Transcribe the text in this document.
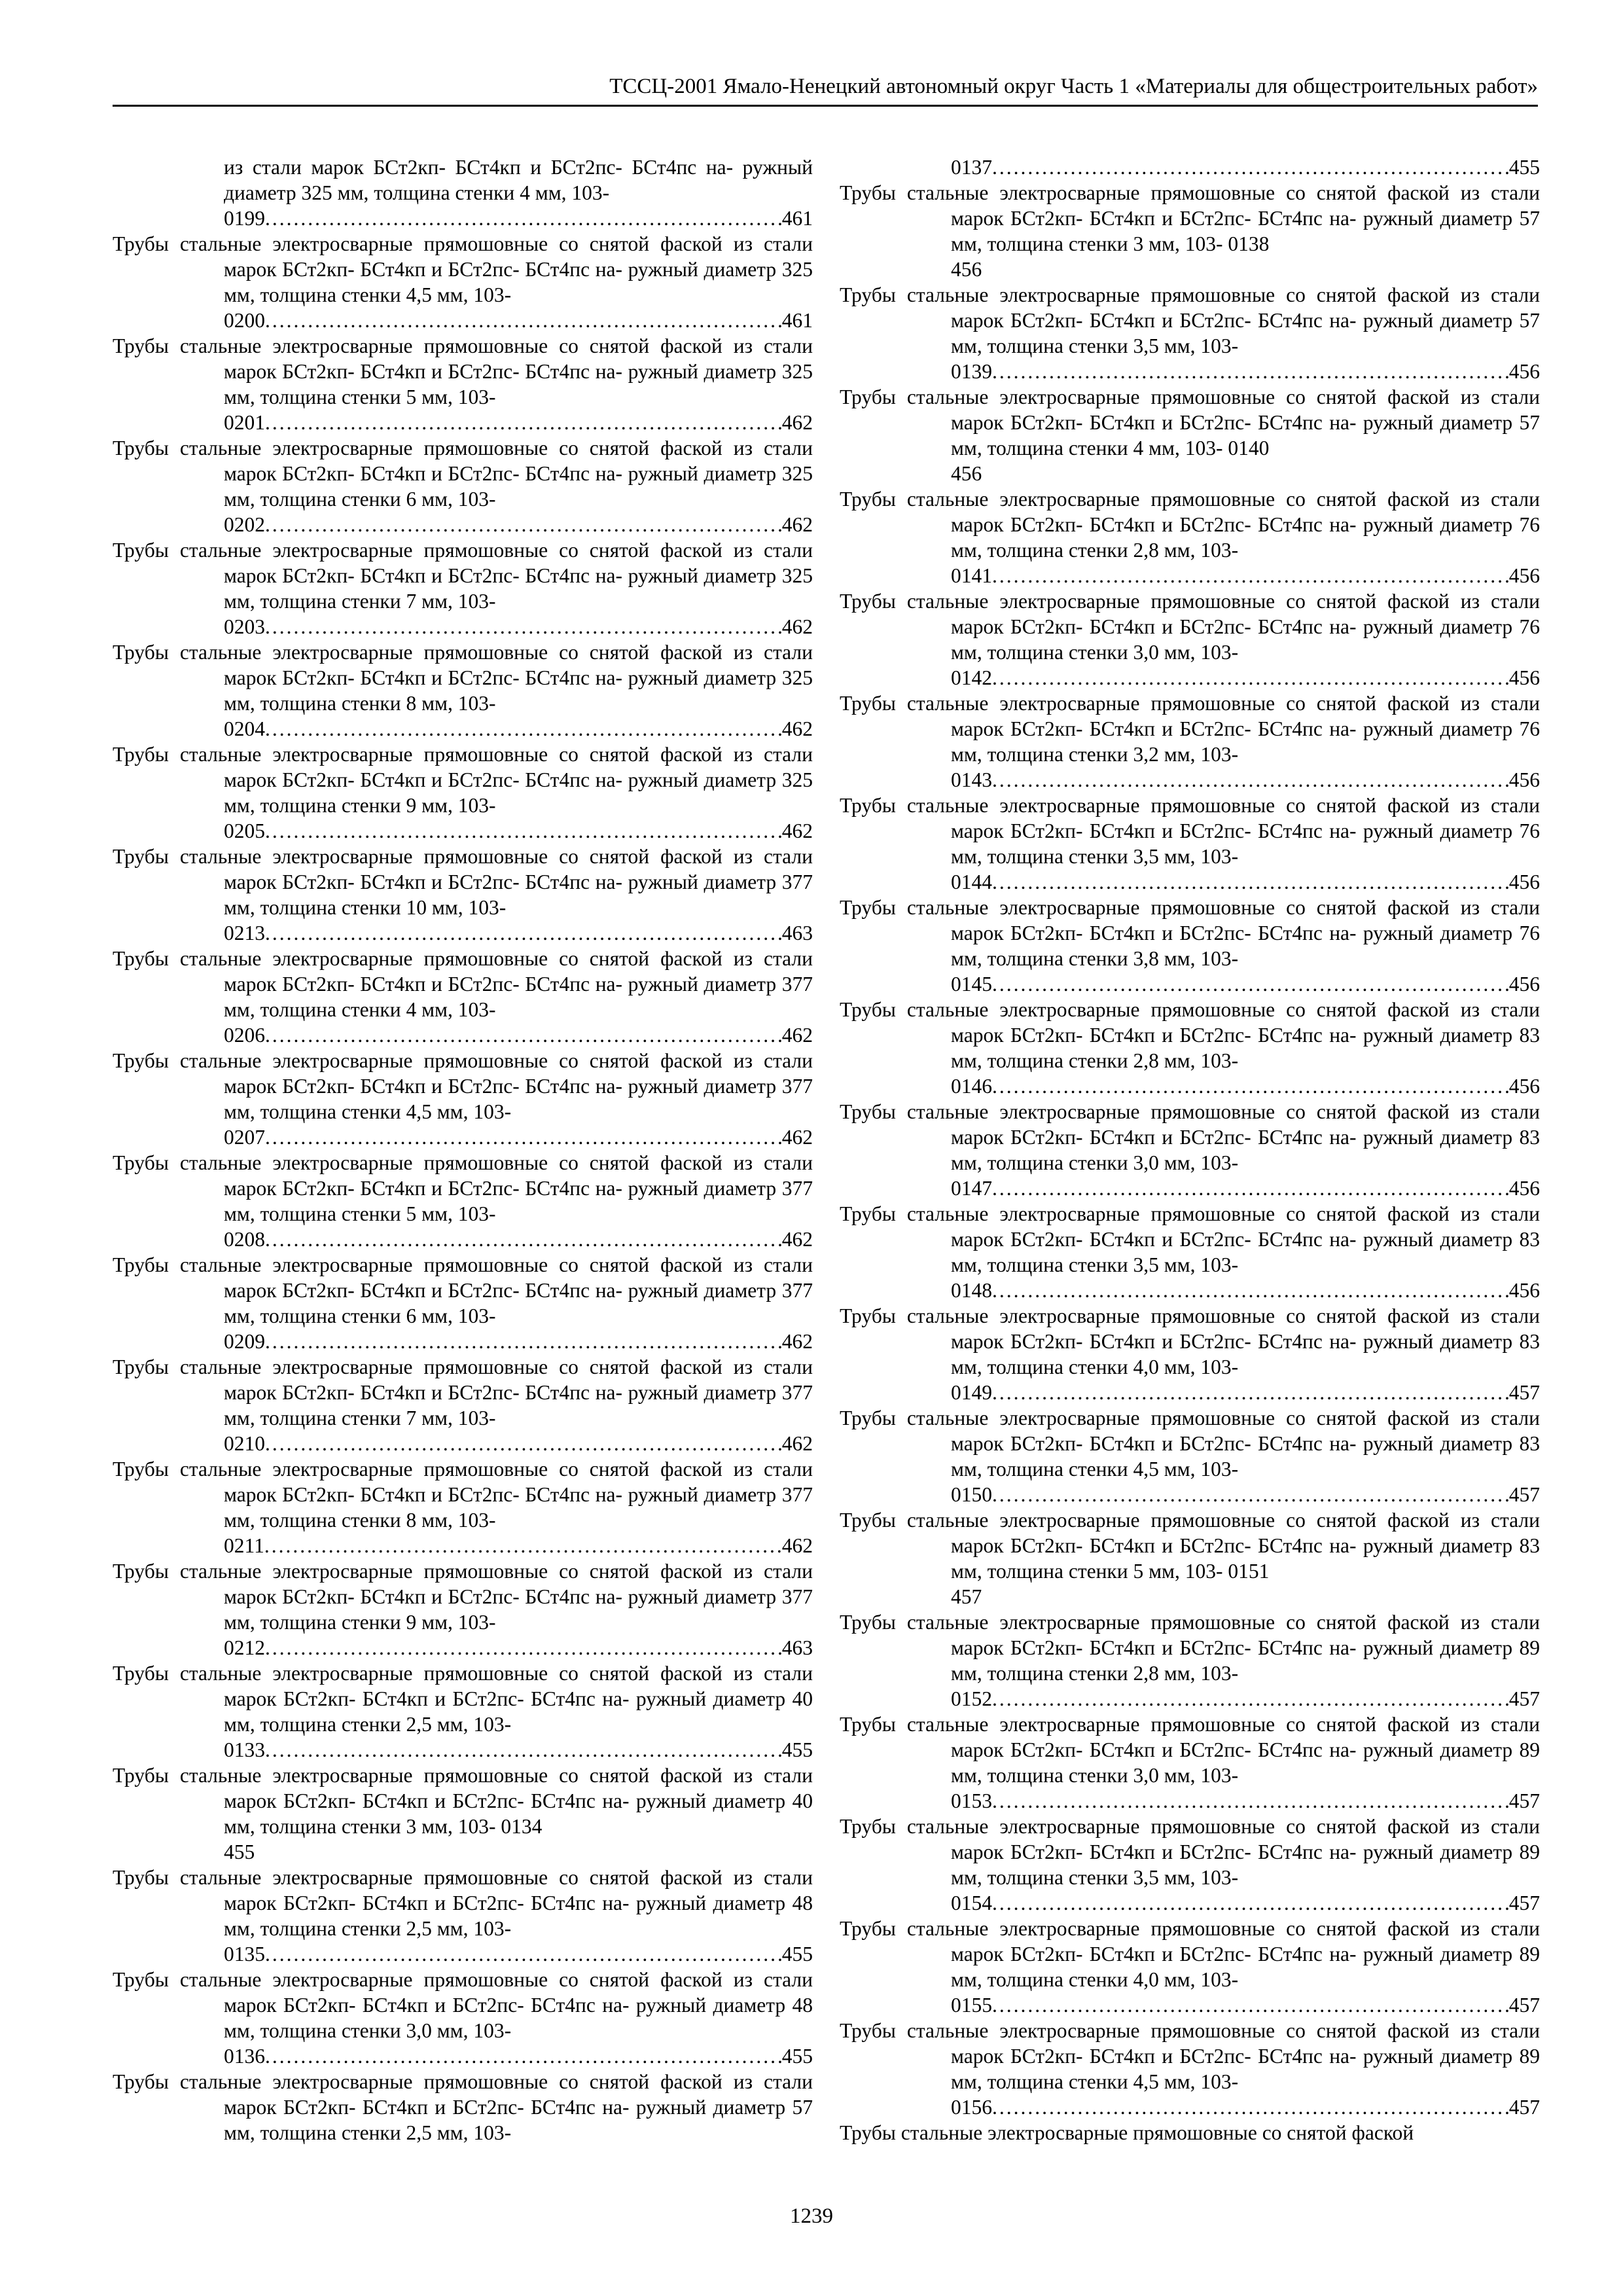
ТССЦ-2001 Ямало-Ненецкий автономный округ Часть 1 «Материалы для общестроительных работ»
из стали марок БСт2кп- БСт4кп и БСт2пс- БСт4пс на- ружный диаметр 325 мм, толщина стенки 4 мм, 103-
0199 .....	461
Трубы стальные электросварные прямошовные со снятой фаской из стали марок БСт2кп- БСт4кп и БСт2пс- БСт4пс на- ружный диаметр 325 мм, толщина стенки 4,5 мм, 103-
0200 .....	461
Трубы стальные электросварные прямошовные со снятой фаской из стали марок БСт2кп- БСт4кп и БСт2пс- БСт4пс на- ружный диаметр 325 мм, толщина стенки 5 мм, 103-
0201 .....	462
Трубы стальные электросварные прямошовные со снятой фаской из стали марок БСт2кп- БСт4кп и БСт2пс- БСт4пс на- ружный диаметр 325 мм, толщина стенки 6 мм, 103-
0202 .....	462
Трубы стальные электросварные прямошовные со снятой фаской из стали марок БСт2кп- БСт4кп и БСт2пс- БСт4пс на- ружный диаметр 325 мм, толщина стенки 7 мм, 103-
0203 .....	462
Трубы стальные электросварные прямошовные со снятой фаской из стали марок БСт2кп- БСт4кп и БСт2пс- БСт4пс на- ружный диаметр 325 мм, толщина стенки 8 мм, 103-
0204 .....	462
Трубы стальные электросварные прямошовные со снятой фаской из стали марок БСт2кп- БСт4кп и БСт2пс- БСт4пс на- ружный диаметр 325 мм, толщина стенки 9 мм, 103-
0205 .....	462
Трубы стальные электросварные прямошовные со снятой фаской из стали марок БСт2кп- БСт4кп и БСт2пс- БСт4пс на- ружный диаметр 377 мм, толщина стенки 10 мм, 103-
0213 .....	463
Трубы стальные электросварные прямошовные со снятой фаской из стали марок БСт2кп- БСт4кп и БСт2пс- БСт4пс на- ружный диаметр 377 мм, толщина стенки 4 мм, 103-
0206 .....	462
Трубы стальные электросварные прямошовные со снятой фаской из стали марок БСт2кп- БСт4кп и БСт2пс- БСт4пс на- ружный диаметр 377 мм, толщина стенки 4,5 мм, 103-
0207 .....	462
Трубы стальные электросварные прямошовные со снятой фаской из стали марок БСт2кп- БСт4кп и БСт2пс- БСт4пс на- ружный диаметр 377 мм, толщина стенки 5 мм, 103-
0208 .....	462
Трубы стальные электросварные прямошовные со снятой фаской из стали марок БСт2кп- БСт4кп и БСт2пс- БСт4пс на- ружный диаметр 377 мм, толщина стенки 6 мм, 103-
0209 .....	462
Трубы стальные электросварные прямошовные со снятой фаской из стали марок БСт2кп- БСт4кп и БСт2пс- БСт4пс на- ружный диаметр 377 мм, толщина стенки 7 мм, 103-
0210 .....	462
Трубы стальные электросварные прямошовные со снятой фаской из стали марок БСт2кп- БСт4кп и БСт2пс- БСт4пс на- ружный диаметр 377 мм, толщина стенки 8 мм, 103-
0211 .....	462
Трубы стальные электросварные прямошовные со снятой фаской из стали марок БСт2кп- БСт4кп и БСт2пс- БСт4пс на- ружный диаметр 377 мм, толщина стенки 9 мм, 103-
0212 .....	463
Трубы стальные электросварные прямошовные со снятой фаской из стали марок БСт2кп- БСт4кп и БСт2пс- БСт4пс на- ружный диаметр 40 мм, толщина стенки 2,5 мм, 103-
0133 .....	455
Трубы стальные электросварные прямошовные со снятой фаской из стали марок БСт2кп- БСт4кп и БСт2пс- БСт4пс на- ружный диаметр 40 мм, толщина стенки 3 мм, 103- 0134
455
Трубы стальные электросварные прямошовные со снятой фаской из стали марок БСт2кп- БСт4кп и БСт2пс- БСт4пс на- ружный диаметр 48 мм, толщина стенки 2,5 мм, 103-
0135 .....	455
Трубы стальные электросварные прямошовные со снятой фаской из стали марок БСт2кп- БСт4кп и БСт2пс- БСт4пс на- ружный диаметр 48 мм, толщина стенки 3,0 мм, 103-
0136 .....	455
Трубы стальные электросварные прямошовные со снятой фаской из стали марок БСт2кп- БСт4кп и БСт2пс- БСт4пс на- ружный диаметр 57 мм, толщина стенки 2,5 мм, 103-
0137 .....	455
Трубы стальные электросварные прямошовные со снятой фаской из стали марок БСт2кп- БСт4кп и БСт2пс- БСт4пс на- ружный диаметр 57 мм, толщина стенки 3 мм, 103- 0138
456
Трубы стальные электросварные прямошовные со снятой фаской из стали марок БСт2кп- БСт4кп и БСт2пс- БСт4пс на- ружный диаметр 57 мм, толщина стенки 3,5 мм, 103-
0139 .....	456
Трубы стальные электросварные прямошовные со снятой фаской из стали марок БСт2кп- БСт4кп и БСт2пс- БСт4пс на- ружный диаметр 57 мм, толщина стенки 4 мм, 103- 0140
456
Трубы стальные электросварные прямошовные со снятой фаской из стали марок БСт2кп- БСт4кп и БСт2пс- БСт4пс на- ружный диаметр 76 мм, толщина стенки 2,8 мм, 103-
0141 .....	456
Трубы стальные электросварные прямошовные со снятой фаской из стали марок БСт2кп- БСт4кп и БСт2пс- БСт4пс на- ружный диаметр 76 мм, толщина стенки 3,0 мм, 103-
0142 .....	456
Трубы стальные электросварные прямошовные со снятой фаской из стали марок БСт2кп- БСт4кп и БСт2пс- БСт4пс на- ружный диаметр 76 мм, толщина стенки 3,2 мм, 103-
0143 .....	456
Трубы стальные электросварные прямошовные со снятой фаской из стали марок БСт2кп- БСт4кп и БСт2пс- БСт4пс на- ружный диаметр 76 мм, толщина стенки 3,5 мм, 103-
0144 .....	456
Трубы стальные электросварные прямошовные со снятой фаской из стали марок БСт2кп- БСт4кп и БСт2пс- БСт4пс на- ружный диаметр 76 мм, толщина стенки 3,8 мм, 103-
0145 .....	456
Трубы стальные электросварные прямошовные со снятой фаской из стали марок БСт2кп- БСт4кп и БСт2пс- БСт4пс на- ружный диаметр 83 мм, толщина стенки 2,8 мм, 103-
0146 .....	456
Трубы стальные электросварные прямошовные со снятой фаской из стали марок БСт2кп- БСт4кп и БСт2пс- БСт4пс на- ружный диаметр 83 мм, толщина стенки 3,0 мм, 103-
0147 .....	456
Трубы стальные электросварные прямошовные со снятой фаской из стали марок БСт2кп- БСт4кп и БСт2пс- БСт4пс на- ружный диаметр 83 мм, толщина стенки 3,5 мм, 103-
0148 .....	456
Трубы стальные электросварные прямошовные со снятой фаской из стали марок БСт2кп- БСт4кп и БСт2пс- БСт4пс на- ружный диаметр 83 мм, толщина стенки 4,0 мм, 103-
0149 .....	457
Трубы стальные электросварные прямошовные со снятой фаской из стали марок БСт2кп- БСт4кп и БСт2пс- БСт4пс на- ружный диаметр 83 мм, толщина стенки 4,5 мм, 103-
0150 .....	457
Трубы стальные электросварные прямошовные со снятой фаской из стали марок БСт2кп- БСт4кп и БСт2пс- БСт4пс на- ружный диаметр 83 мм, толщина стенки 5 мм, 103- 0151
457
Трубы стальные электросварные прямошовные со снятой фаской из стали марок БСт2кп- БСт4кп и БСт2пс- БСт4пс на- ружный диаметр 89 мм, толщина стенки 2,8 мм, 103-
0152 .....	457
Трубы стальные электросварные прямошовные со снятой фаской из стали марок БСт2кп- БСт4кп и БСт2пс- БСт4пс на- ружный диаметр 89 мм, толщина стенки 3,0 мм, 103-
0153 .....	457
Трубы стальные электросварные прямошовные со снятой фаской из стали марок БСт2кп- БСт4кп и БСт2пс- БСт4пс на- ружный диаметр 89 мм, толщина стенки 3,5 мм, 103-
0154 .....	457
Трубы стальные электросварные прямошовные со снятой фаской из стали марок БСт2кп- БСт4кп и БСт2пс- БСт4пс на- ружный диаметр 89 мм, толщина стенки 4,0 мм, 103-
0155 .....	457
Трубы стальные электросварные прямошовные со снятой фаской из стали марок БСт2кп- БСт4кп и БСт2пс- БСт4пс на- ружный диаметр 89 мм, толщина стенки 4,5 мм, 103-
0156 .....	457
Трубы стальные электросварные прямошовные со снятой фаской
1239
